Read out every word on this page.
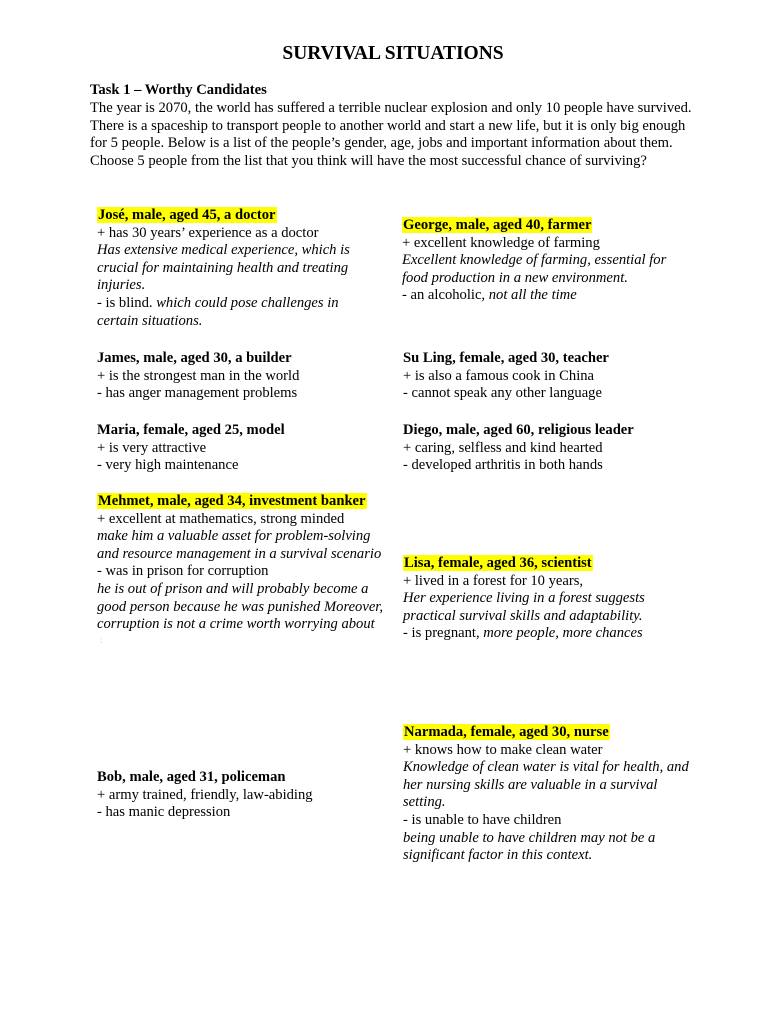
SURVIVAL SITUATIONS
Task 1 – Worthy Candidates
The year is 2070, the world has suffered a terrible nuclear explosion and only 10 people have survived. There is a spaceship to transport people to another world and start a new life, but it is only big enough for 5 people. Below is a list of the people’s gender, age, jobs and important information about them. Choose 5 people from the list that you think will have the most successful chance of surviving?
José, male, aged 45, a doctor
+ has 30 years’ experience as a doctor
Has extensive medical experience, which is crucial for maintaining health and treating injuries.
- is blind. which could pose challenges in certain situations.
James, male, aged 30, a builder
+ is the strongest man in the world
- has anger management problems
Maria, female, aged 25, model
+ is very attractive
- very high maintenance
Mehmet, male, aged 34, investment banker
+ excellent at mathematics, strong minded
make him a valuable asset for problem-solving and resource management in a survival scenario
- was in prison for corruption
he is out of prison and will probably become a good person because he was punished Moreover, corruption is not a crime worth worrying about
:
Bob, male, aged 31, policeman
+ army trained, friendly, law-abiding
- has manic depression
George, male, aged 40, farmer
+ excellent knowledge of farming
Excellent knowledge of farming, essential for food production in a new environment.
- an alcoholic, not all the time
Su Ling, female, aged 30, teacher
+ is also a famous cook in China
- cannot speak any other language
Diego, male, aged 60, religious leader
+ caring, selfless and kind hearted
- developed arthritis in both hands
Lisa, female, aged 36, scientist
+ lived in a forest for 10 years,
Her experience living in a forest suggests practical survival skills and adaptability.
- is pregnant, more people, more chances
Narmada, female, aged 30, nurse
+ knows how to make clean water
Knowledge of clean water is vital for health, and her nursing skills are valuable in a survival setting.
- is unable to have children
being unable to have children may not be a significant factor in this context.
